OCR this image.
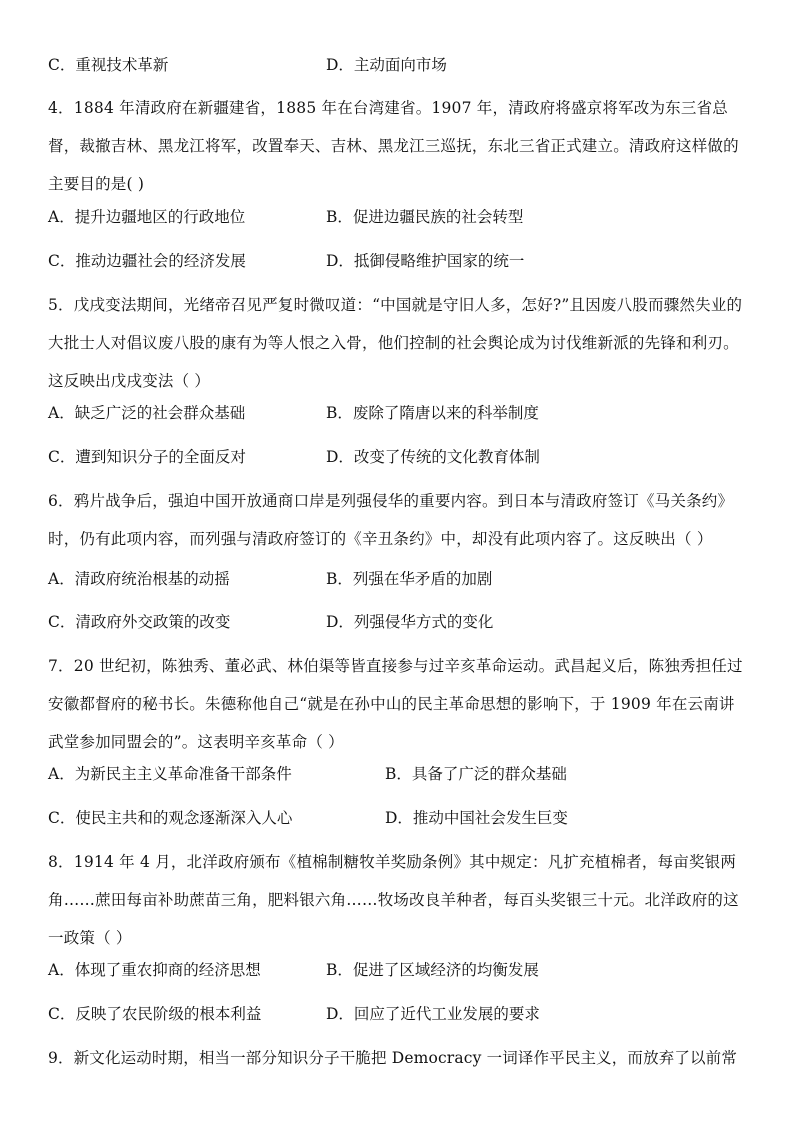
C．重视技术革新	D．主动面向市场
4．1884 年清政府在新疆建省，1885 年在台湾建省。1907 年，清政府将盛京将军改为东三省总督，裁撤吉林、黑龙江将军，改置奉天、吉林、黑龙江三巡抚，东北三省正式建立。清政府这样做的主要目的是( )
A．提升边疆地区的行政地位	B．促进边疆民族的社会转型
C．推动边疆社会的经济发展	D．抵御侵略维护国家的统一
5．戊戌变法期间，光绪帝召见严复时微叹道：“中国就是守旧人多，怎好?”且因废八股而骤然失业的大批士人对倡议废八股的康有为等人恨之入骨，他们控制的社会舆论成为讨伐维新派的先锋和利刃。这反映出戊戌变法（ ）
A．缺乏广泛的社会群众基础	B．废除了隋唐以来的科举制度
C．遭到知识分子的全面反对	D．改变了传统的文化教育体制
6．鸦片战争后，强迫中国开放通商口岸是列强侵华的重要内容。到日本与清政府签订《马关条约》时，仍有此项内容，而列强与清政府签订的《辛丑条约》中，却没有此项内容了。这反映出（ ）
A．清政府统治根基的动摇	B．列强在华矛盾的加剧
C．清政府外交政策的改变	D．列强侵华方式的变化
7．20 世纪初，陈独秀、董必武、林伯渠等皆直接参与过辛亥革命运动。武昌起义后，陈独秀担任过安徽都督府的秘书长。朱德称他自己“就是在孙中山的民主革命思想的影响下，于 1909 年在云南讲武堂参加同盟会的”。这表明辛亥革命（ ）
A．为新民主主义革命准备干部条件	B．具备了广泛的群众基础
C．使民主共和的观念逐渐深入人心	D．推动中国社会发生巨变
8．1914 年 4 月，北洋政府颁布《植棉制糖牧羊奖励条例》其中规定：凡扩充植棉者，每亩奖银两角……蔗田每亩补助蔗苗三角，肥料银六角……牧场改良羊种者，每百头奖银三十元。北洋政府的这一政策（ ）
A．体现了重农抑商的经济思想	B．促进了区域经济的均衡发展
C．反映了农民阶级的根本利益	D．回应了近代工业发展的要求
9．新文化运动时期，相当一部分知识分子干脆把 Democracy 一词译作平民主义，而放弃了以前常
